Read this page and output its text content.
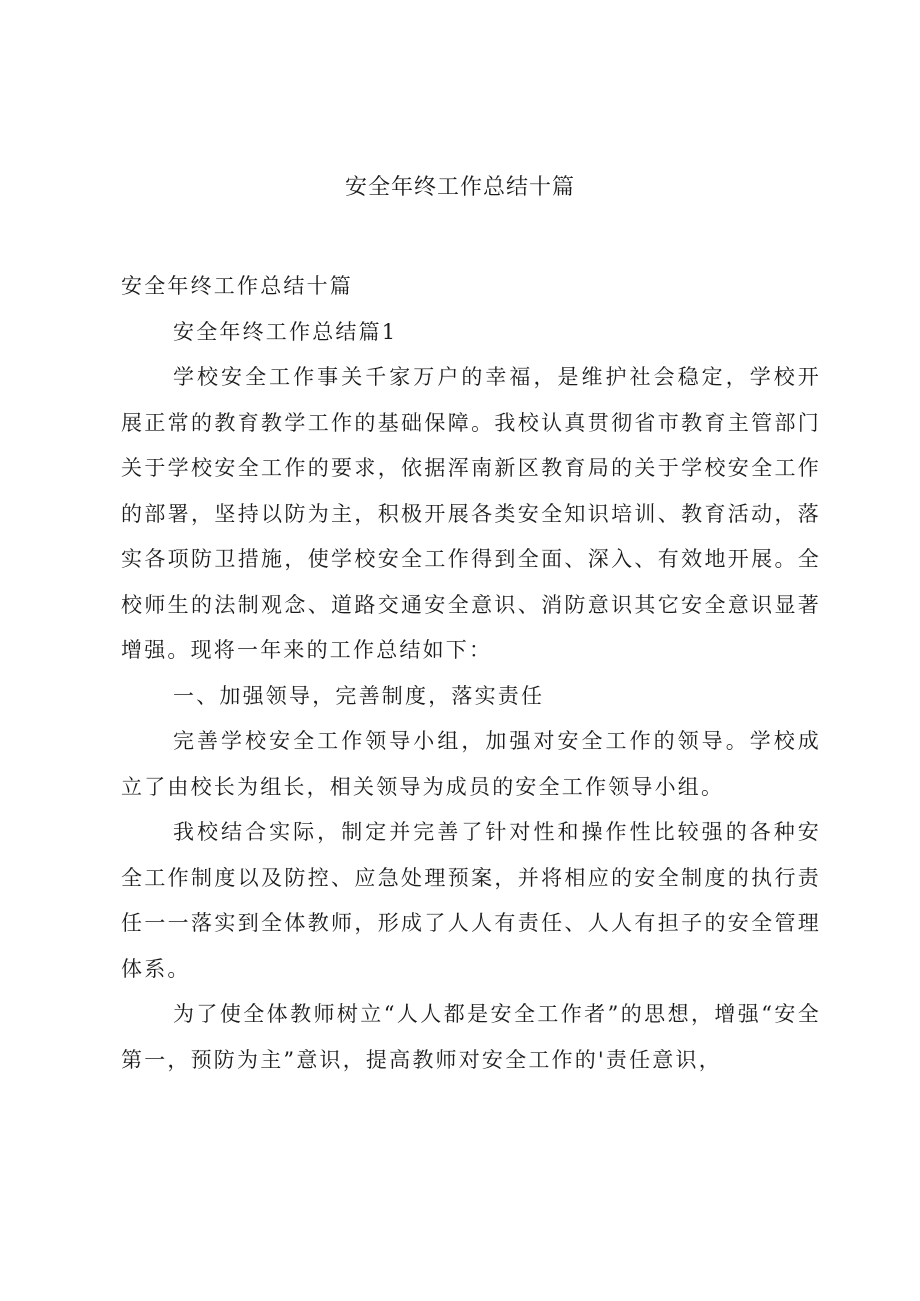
安全年终工作总结十篇

安全年终工作总结十篇

安全年终工作总结篇1

学校安全工作事关千家万户的幸福，是维护社会稳定，学校开展正常的教育教学工作的基础保障。我校认真贯彻省市教育主管部门关于学校安全工作的要求，依据浑南新区教育局的关于学校安全工作的部署，坚持以防为主，积极开展各类安全知识培训、教育活动，落实各项防卫措施，使学校安全工作得到全面、深入、有效地开展。全校师生的法制观念、道路交通安全意识、消防意识其它安全意识显著增强。现将一年来的工作总结如下：

一、加强领导，完善制度，落实责任

完善学校安全工作领导小组，加强对安全工作的领导。学校成立了由校长为组长，相关领导为成员的安全工作领导小组。

我校结合实际，制定并完善了针对性和操作性比较强的各种安全工作制度以及防控、应急处理预案，并将相应的安全制度的执行责任一一落实到全体教师，形成了人人有责任、人人有担子的安全管理体系。

为了使全体教师树立“人人都是安全工作者”的思想，增强“安全第一，预防为主”意识，提高教师对安全工作的'责任意识，
